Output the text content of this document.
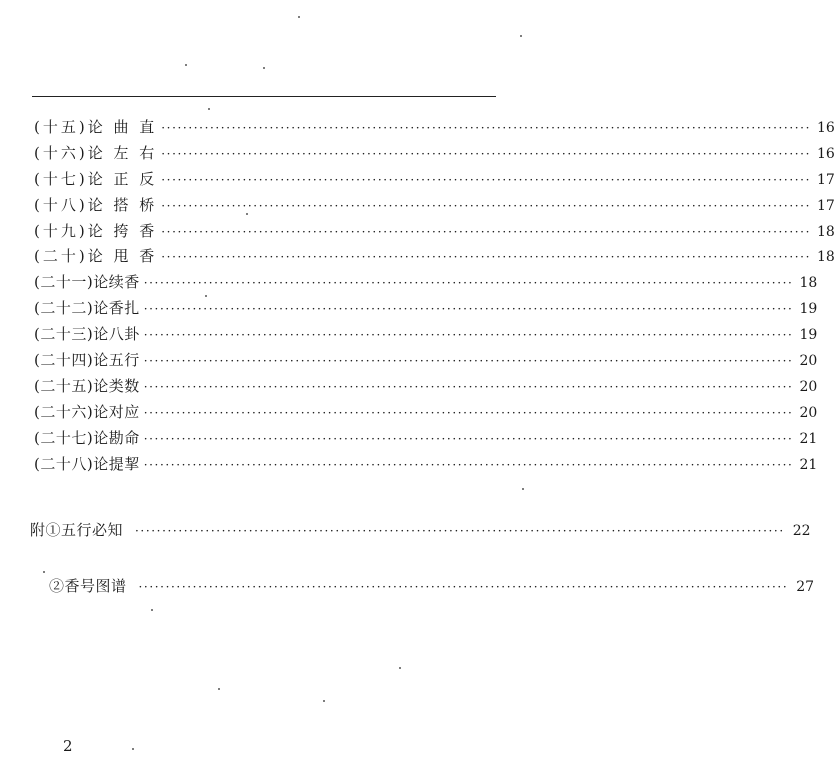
(十五)论 曲 直 ························································································································ 16
(十六)论 左 右 ························································································································ 16
(十七)论 正 反 ························································································································ 17
(十八)论 搭 桥 ························································································································ 17
(十九)论 挎 香 ························································································································ 18
(二十)论 甩 香 ························································································································ 18
(二十一)论续香 ························································································································ 18
(二十二)论香扎 ························································································································ 19
(二十三)论八卦 ························································································································ 19
(二十四)论五行 ························································································································ 20
(二十五)论类数 ························································································································ 20
(二十六)论对应 ························································································································ 20
(二十七)论勘命 ························································································································ 21
(二十八)论提挈 ························································································································ 21
附①五行必知 ························································································································ 22
②香号图谱 ························································································································ 27
2
